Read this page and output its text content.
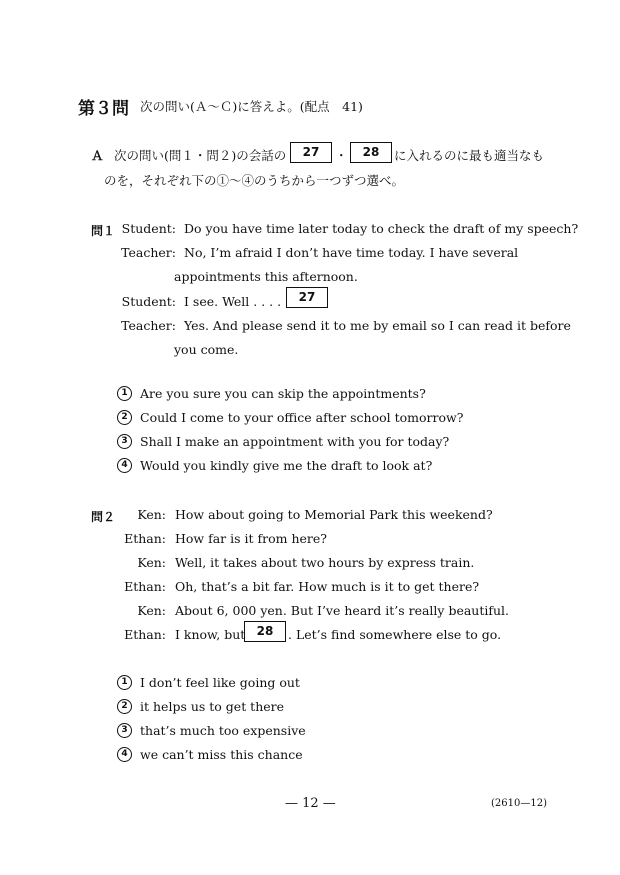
第３問 次の問い(Ａ～Ｃ)に答えよ。(配点　41)
Ａ 次の問い(問１・問２)の会話の	27	・	28	に入れるのに最も適当なも
のを，それぞれ下の①～④のうちから一つずつ選べ。
問１ Student: Do you have time later today to check the draft of my speech?
Teacher: No, I’m afraid I don’t have time today. I have several
appointments this afternoon.
Student: I see. Well . . . .	27
Teacher: Yes. And please send it to me by email so I can read it before
you come.
1 Are you sure you can skip the appointments?
2 Could I come to your office after school tomorrow?
3 Shall I make an appointment with you for today?
4 Would you kindly give me the draft to look at?
問２ Ken: How about going to Memorial Park this weekend?
Ethan: How far is it from here?
Ken: Well, it takes about two hours by express train.
Ethan: Oh, that’s a bit far. How much is it to get there?
Ken: About 6, 000 yen. But I’ve heard it’s really beautiful.
Ethan: I know, but 28	. Let’s find somewhere else to go.
1 I don’t feel like going out
2 it helps us to get there
3 that’s much too expensive
4 we can’t miss this chance
— 12 —	(2610—12)
